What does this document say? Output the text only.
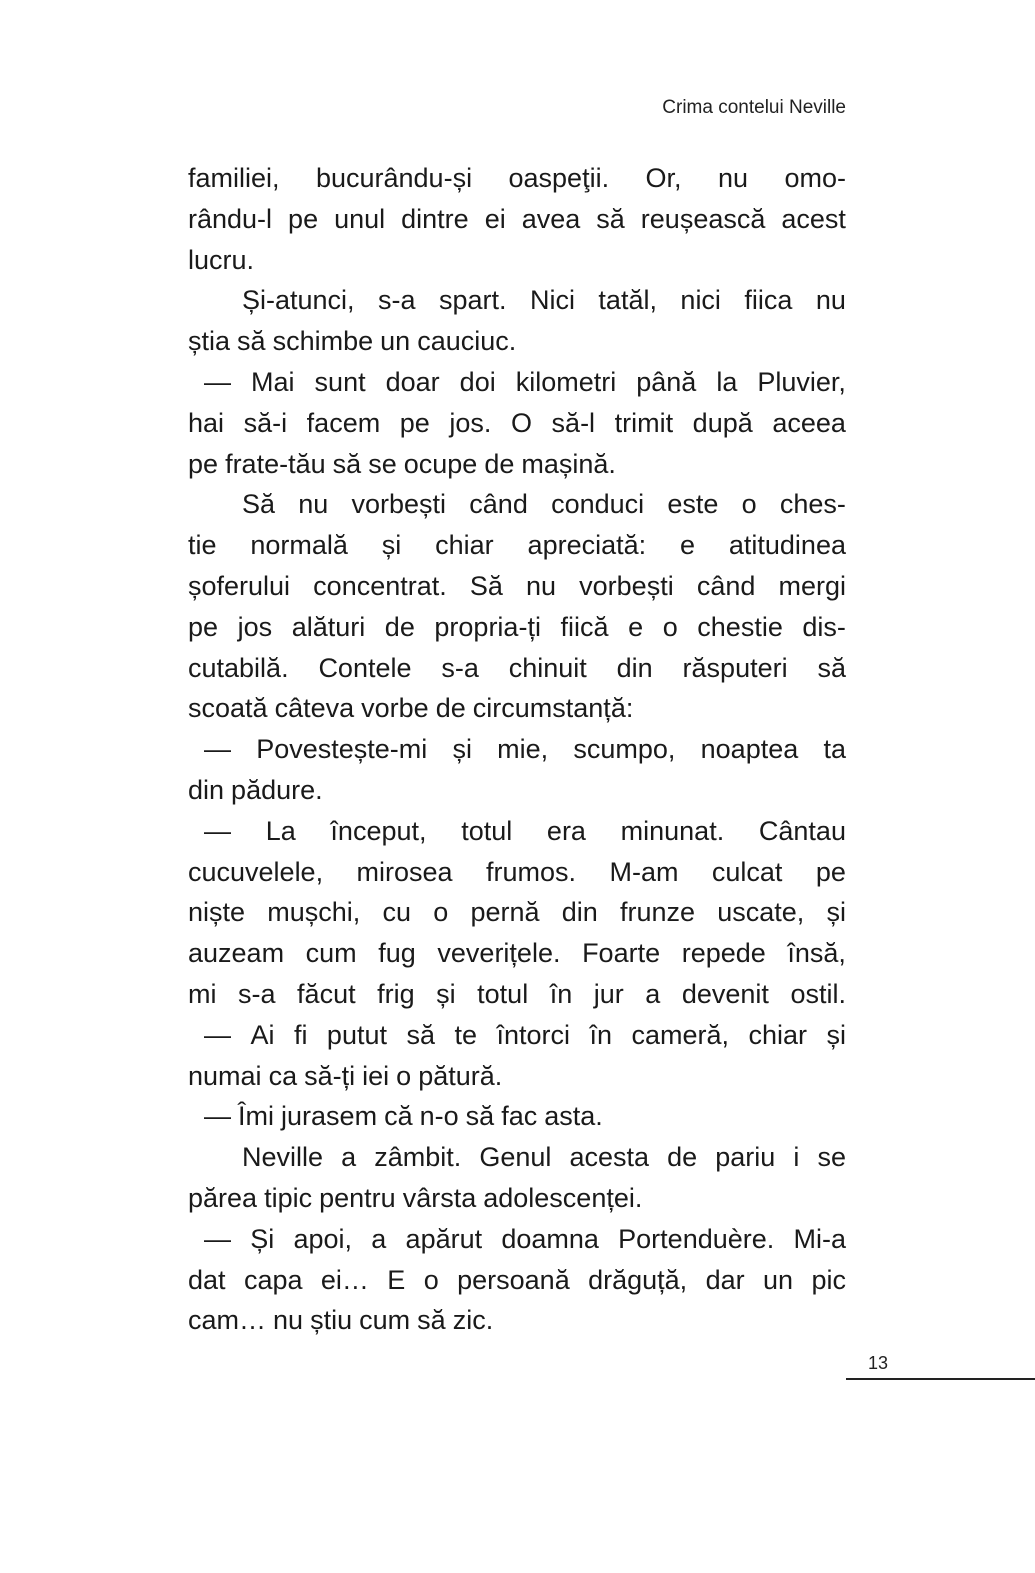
Crima contelui Neville
familiei, bucurându-și oaspeţii. Or, nu omo-
rându-l pe unul dintre ei avea să reușească acest
lucru.
Și-atunci, s-a spart. Nici tatăl, nici fiica nu
știa să schimbe un cauciuc.
— Mai sunt doar doi kilometri până la Pluvier,
hai să-i facem pe jos. O să-l trimit după aceea
pe frate-tău să se ocupe de mașină.
Să nu vorbești când conduci este o ches-
tie normală și chiar apreciată: e atitudinea
șoferului concentrat. Să nu vorbești când mergi
pe jos alături de propria-ți fiică e o chestie dis-
cutabilă. Contele s-a chinuit din răsputeri să
scoată câteva vorbe de circumstanță:
— Povestește-mi și mie, scumpo, noaptea ta
din pădure.
— La început, totul era minunat. Cântau
cucuvelele, mirosea frumos. M-am culcat pe
niște mușchi, cu o pernă din frunze uscate, și
auzeam cum fug veverițele. Foarte repede însă,
mi s-a făcut frig și totul în jur a devenit ostil.
— Ai fi putut să te întorci în cameră, chiar și
numai ca să-ți iei o pătură.
— Îmi jurasem că n-o să fac asta.
Neville a zâmbit. Genul acesta de pariu i se
părea tipic pentru vârsta adolescenței.
— Și apoi, a apărut doamna Portenduère. Mi-a
dat capa ei… E o persoană drăguță, dar un pic
cam… nu știu cum să zic.
13
